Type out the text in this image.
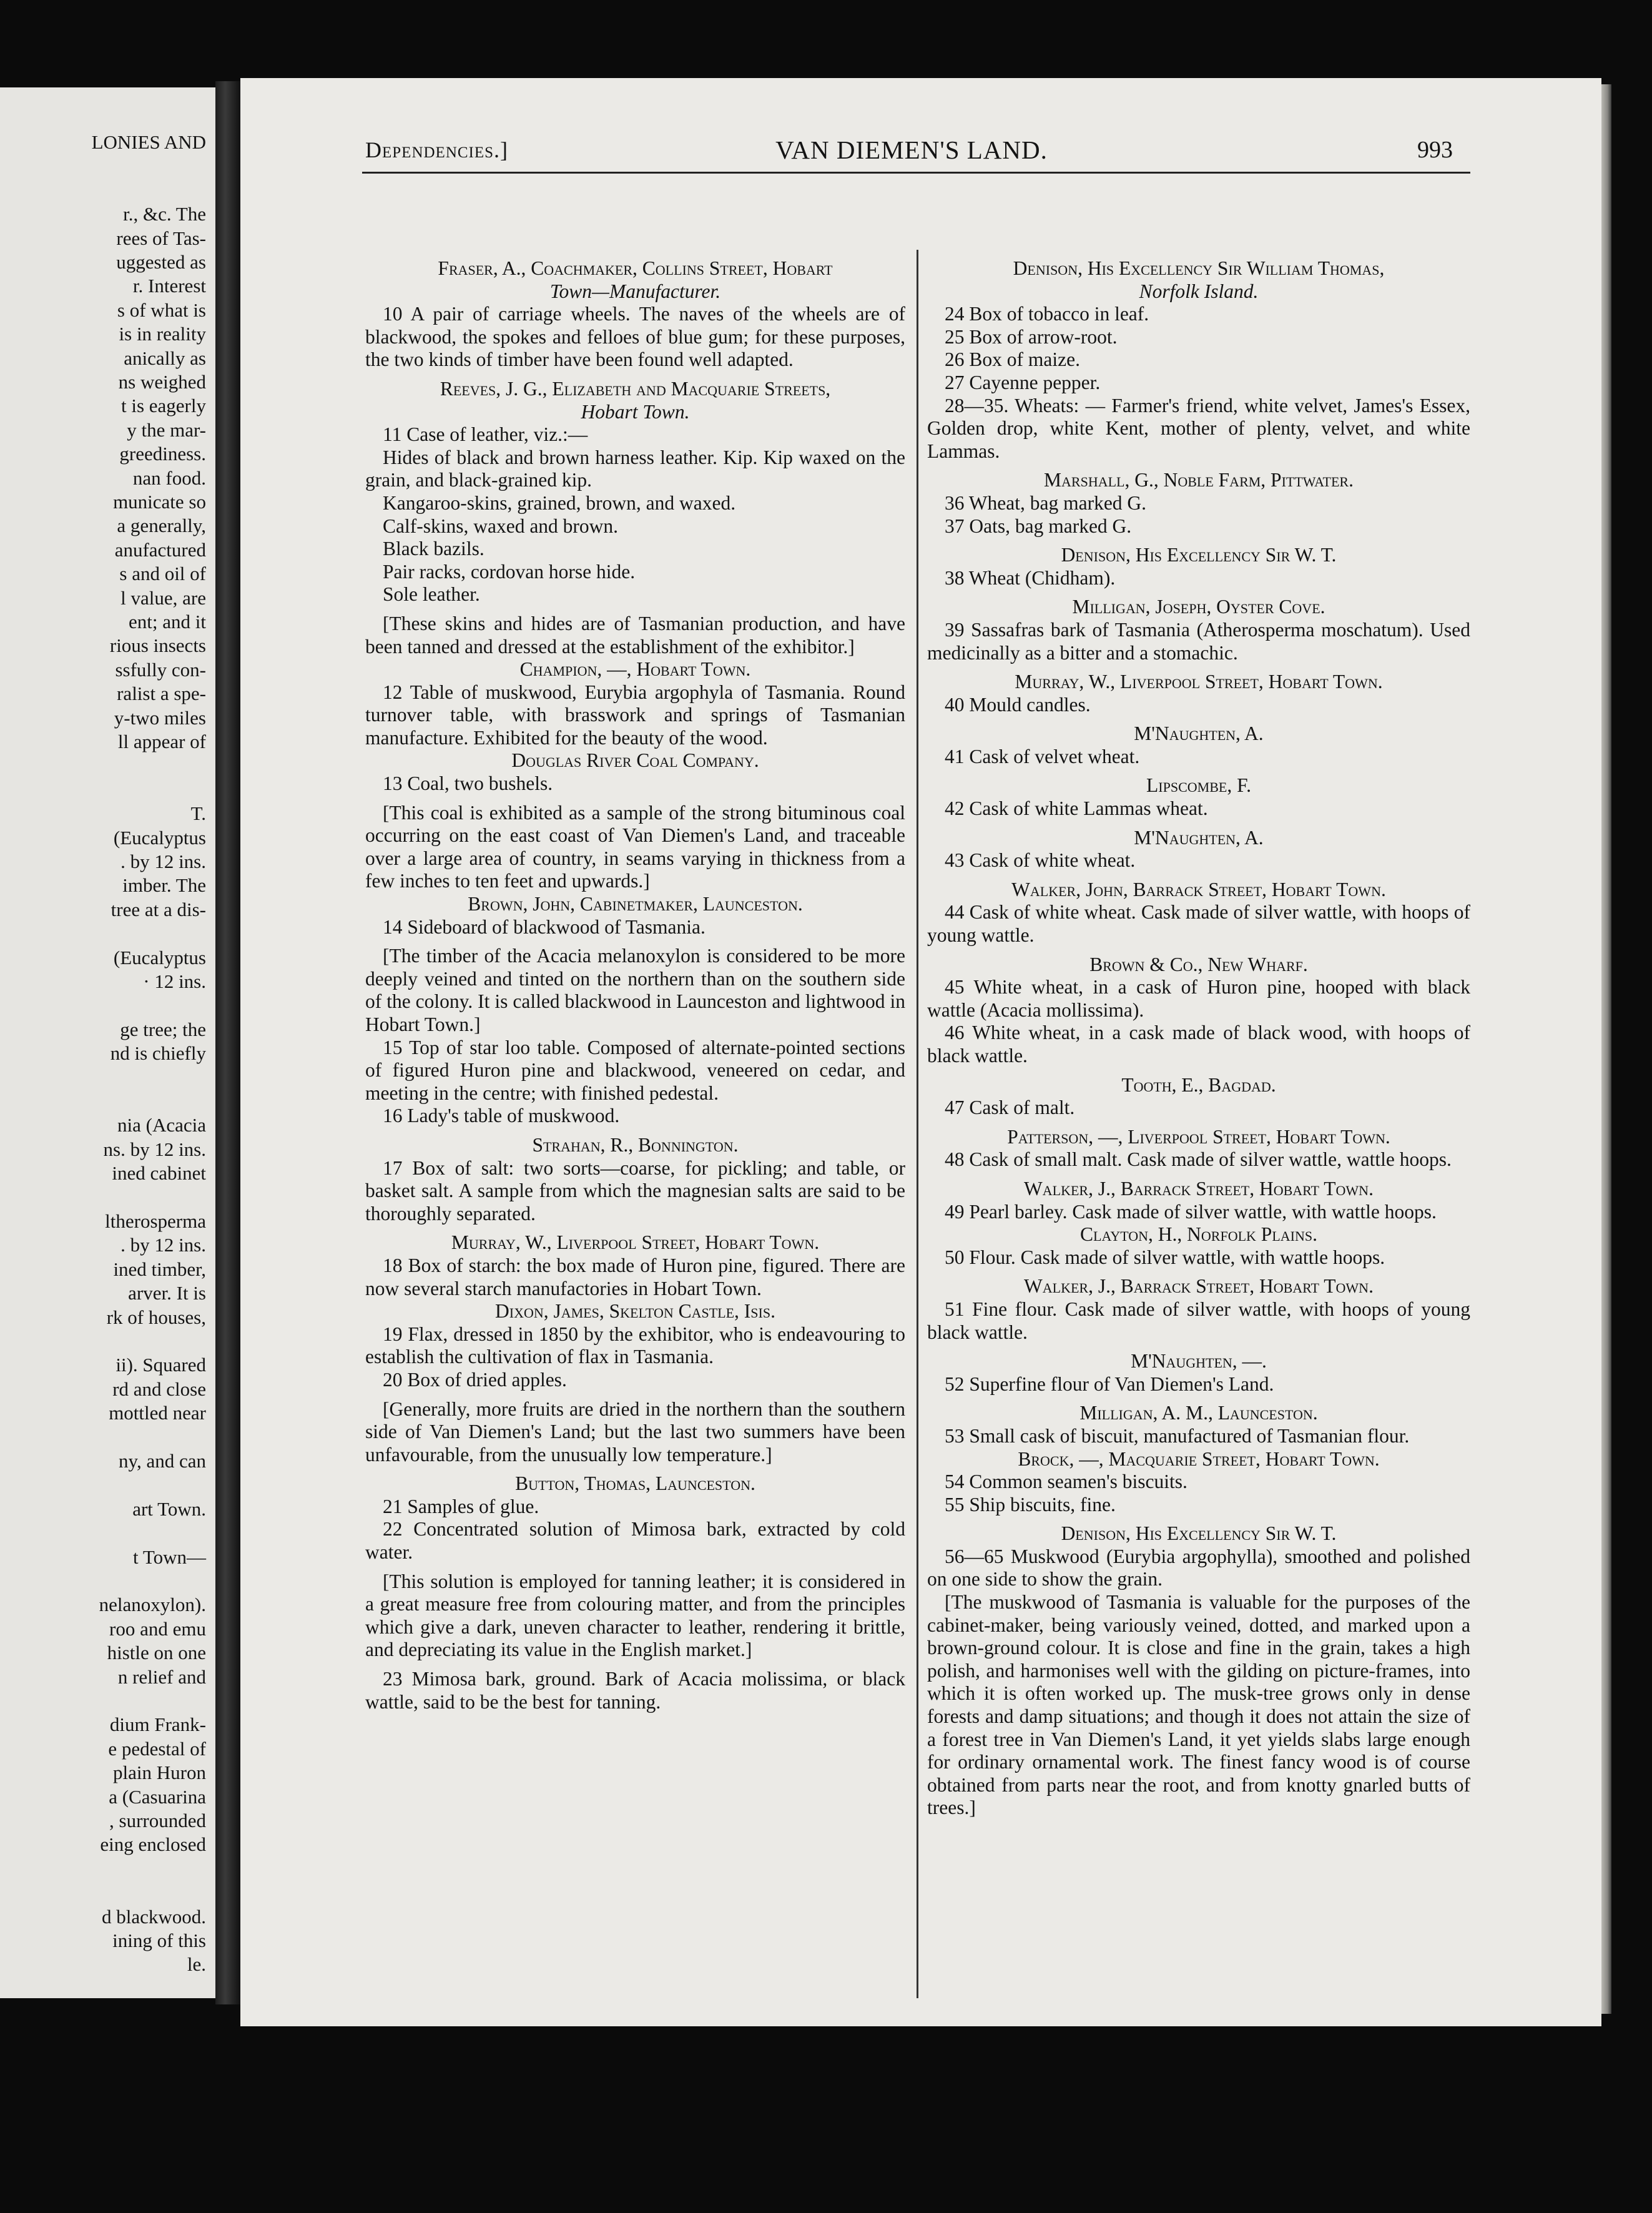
LONIES AND
r., &c. The
rees of Tas-
uggested as
r. Interest
s of what is
is in reality
anically as
ns weighed
t is eagerly
y the mar-
greediness.
nan food.
municate so
a generally,
anufactured
s and oil of
l value, are
ent; and it
rious insects
ssfully con-
ralist a spe-
y-two miles
ll appear of
T.
(Eucalyptus
. by 12 ins.
imber. The
tree at a dis-
(Eucalyptus
· 12 ins.
ge tree; the
nd is chiefly
nia (Acacia
ns. by 12 ins.
ined cabinet
ltherosperma
. by 12 ins.
ined timber,
arver. It is
rk of houses,
ii). Squared
rd and close
mottled near
ny, and can
art Town.
t Town—
nelanoxylon).
roo and emu
histle on one
n relief and
dium Frank-
e pedestal of
plain Huron
a (Casuarina
, surrounded
eing enclosed
d blackwood.
ining of this
le.
Dependencies.]	VAN DIEMEN'S LAND.	993

Fraser, A., Coachmaker, Collins Street, Hobart

Town—Manufacturer.

10 A pair of carriage wheels. The naves of the wheels are of blackwood, the spokes and felloes of blue gum; for these purposes, the two kinds of timber have been found well adapted.

Reeves, J. G., Elizabeth and Macquarie Streets,

Hobart Town.

11 Case of leather, viz.:—

Hides of black and brown harness leather. Kip. Kip waxed on the grain, and black-grained kip.

Kangaroo-skins, grained, brown, and waxed.

Calf-skins, waxed and brown.

Black bazils.

Pair racks, cordovan horse hide.

Sole leather.

[These skins and hides are of Tasmanian production, and have been tanned and dressed at the establishment of the exhibitor.]

Champion, —, Hobart Town.

12 Table of muskwood, Eurybia argophyla of Tasmania. Round turnover table, with brasswork and springs of Tasmanian manufacture. Exhibited for the beauty of the wood.

Douglas River Coal Company.

13 Coal, two bushels.

[This coal is exhibited as a sample of the strong bituminous coal occurring on the east coast of Van Diemen's Land, and traceable over a large area of country, in seams varying in thickness from a few inches to ten feet and upwards.]

Brown, John, Cabinetmaker, Launceston.

14 Sideboard of blackwood of Tasmania.

[The timber of the Acacia melanoxylon is considered to be more deeply veined and tinted on the northern than on the southern side of the colony. It is called blackwood in Launceston and lightwood in Hobart Town.]

15 Top of star loo table. Composed of alternate-pointed sections of figured Huron pine and blackwood, veneered on cedar, and meeting in the centre; with finished pedestal.

16 Lady's table of muskwood.

Strahan, R., Bonnington.

17 Box of salt: two sorts—coarse, for pickling; and table, or basket salt. A sample from which the magnesian salts are said to be thoroughly separated.

Murray, W., Liverpool Street, Hobart Town.

18 Box of starch: the box made of Huron pine, figured. There are now several starch manufactories in Hobart Town.

Dixon, James, Skelton Castle, Isis.

19 Flax, dressed in 1850 by the exhibitor, who is endeavouring to establish the cultivation of flax in Tasmania.

20 Box of dried apples.

[Generally, more fruits are dried in the northern than the southern side of Van Diemen's Land; but the last two summers have been unfavourable, from the unusually low temperature.]

Button, Thomas, Launceston.

21 Samples of glue.

22 Concentrated solution of Mimosa bark, extracted by cold water.

[This solution is employed for tanning leather; it is considered in a great measure free from colouring matter, and from the principles which give a dark, uneven character to leather, rendering it brittle, and depreciating its value in the English market.]

23 Mimosa bark, ground. Bark of Acacia molissima, or black wattle, said to be the best for tanning.

Denison, His Excellency Sir William Thomas,

Norfolk Island.

24 Box of tobacco in leaf.

25 Box of arrow-root.

26 Box of maize.

27 Cayenne pepper.

28—35. Wheats: — Farmer's friend, white velvet, James's Essex, Golden drop, white Kent, mother of plenty, velvet, and white Lammas.

Marshall, G., Noble Farm, Pittwater.

36 Wheat, bag marked G.

37 Oats, bag marked G.

Denison, His Excellency Sir W. T.

38 Wheat (Chidham).

Milligan, Joseph, Oyster Cove.

39 Sassafras bark of Tasmania (Atherosperma moschatum). Used medicinally as a bitter and a stomachic.

Murray, W., Liverpool Street, Hobart Town.

40 Mould candles.

M'Naughten, A.

41 Cask of velvet wheat.

Lipscombe, F.

42 Cask of white Lammas wheat.

M'Naughten, A.

43 Cask of white wheat.

Walker, John, Barrack Street, Hobart Town.

44 Cask of white wheat. Cask made of silver wattle, with hoops of young wattle.

Brown & Co., New Wharf.

45 White wheat, in a cask of Huron pine, hooped with black wattle (Acacia mollissima).

46 White wheat, in a cask made of black wood, with hoops of black wattle.

Tooth, E., Bagdad.

47 Cask of malt.

Patterson, —, Liverpool Street, Hobart Town.

48 Cask of small malt. Cask made of silver wattle, wattle hoops.

Walker, J., Barrack Street, Hobart Town.

49 Pearl barley. Cask made of silver wattle, with wattle hoops.

Clayton, H., Norfolk Plains.

50 Flour. Cask made of silver wattle, with wattle hoops.

Walker, J., Barrack Street, Hobart Town.

51 Fine flour. Cask made of silver wattle, with hoops of young black wattle.

M'Naughten, —.

52 Superfine flour of Van Diemen's Land.

Milligan, A. M., Launceston.

53 Small cask of biscuit, manufactured of Tasmanian flour.

Brock, —, Macquarie Street, Hobart Town.

54 Common seamen's biscuits.

55 Ship biscuits, fine.

Denison, His Excellency Sir W. T.

56—65 Muskwood (Eurybia argophylla), smoothed and polished on one side to show the grain.

[The muskwood of Tasmania is valuable for the purposes of the cabinet-maker, being variously veined, dotted, and marked upon a brown-ground colour. It is close and fine in the grain, takes a high polish, and harmonises well with the gilding on picture-frames, into which it is often worked up. The musk-tree grows only in dense forests and damp situations; and though it does not attain the size of a forest tree in Van Diemen's Land, it yet yields slabs large enough for ordinary ornamental work. The finest fancy wood is of course obtained from parts near the root, and from knotty gnarled butts of trees.]
